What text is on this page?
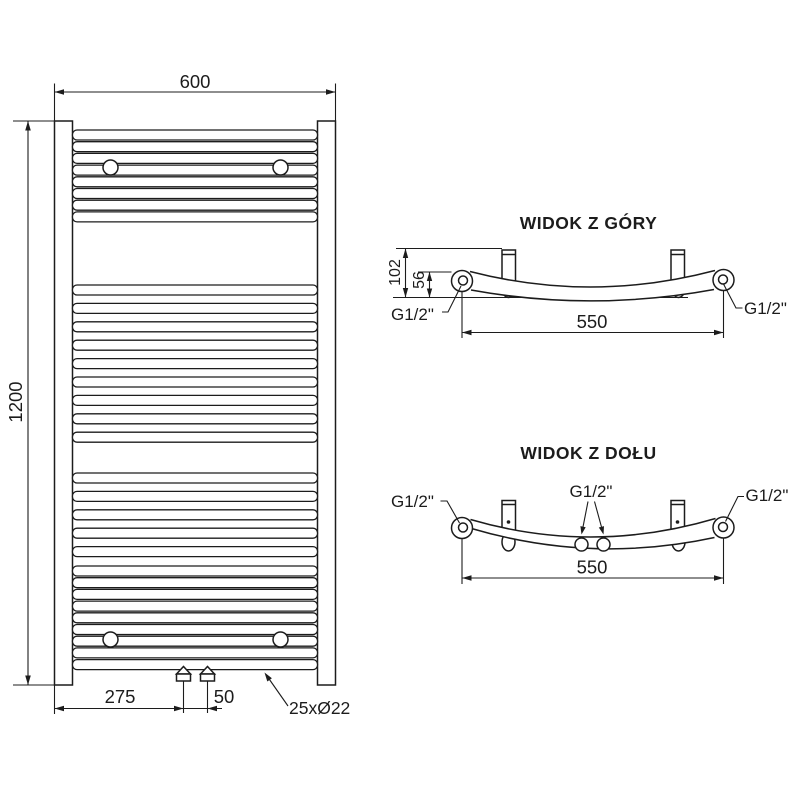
600
1200
275	50
25xØ22
WIDOK Z GÓRY
102 56
550
G1/2"	G1/2"
WIDOK Z DOŁU
G1/2"
G1/2"	G1/2"
550
